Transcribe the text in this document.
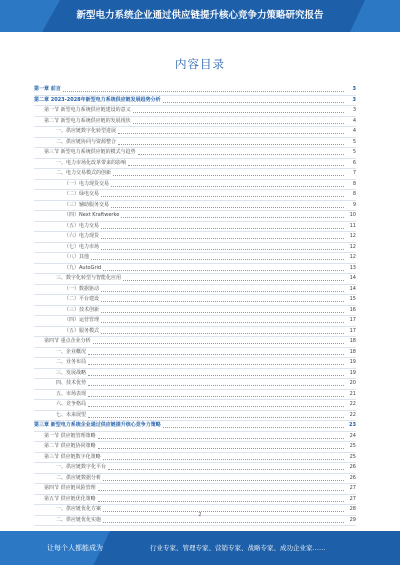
新型电力系统企业通过供应链提升核心竞争力策略研究报告
内容目录
第一章 前言	3
第二章 2023-2028年新型电力系统供应链发展趋势分析	3
第一节 新型电力系统供应链建设的意义	3
第二节 新型电力系统供应链的发展现状	4
一、供应链数字化转型进展	4
二、供应链协同与资源整合	5
第三节 新型电力系统供应链的模式与趋势	5
一、电力市场化改革带来的影响	6
二、电力交易模式的创新	7
（一）电力现货交易	8
（二）绿电交易	8
（三）辅助服务交易	9
（四）Next Kraftwerke	10
（五）电力交易	11
（六）电力现货	12
（七）电力市场	12
（八）其他	12
（九）AutoGrid	13
三、数字化转型与智能化应用	14
（一）数据驱动	14
（二）平台建设	15
（三）技术创新	16
（四）运营管理	17
（五）服务模式	17
第四节 重点企业分析	18
一、企业概况	18
二、业务布局	19
三、发展战略	19
四、技术优势	20
五、市场表现	21
六、竞争格局	22
七、未来展望	22
第三章 新型电力系统企业通过供应链提升核心竞争力策略	23
第一节 供应链管理策略	24
第二节 供应链协同策略	25
第三节 供应链数字化策略	25
一、供应链数字化平台	26
二、供应链数据分析	26
第四节 供应链风险管理	27
第五节 供应链优化策略	27
一、供应链优化方案	28
二、供应链优化实施	29
2
让每个人都能成为	行业专家、管理专家、营销专家、战略专家、成功企业家……
